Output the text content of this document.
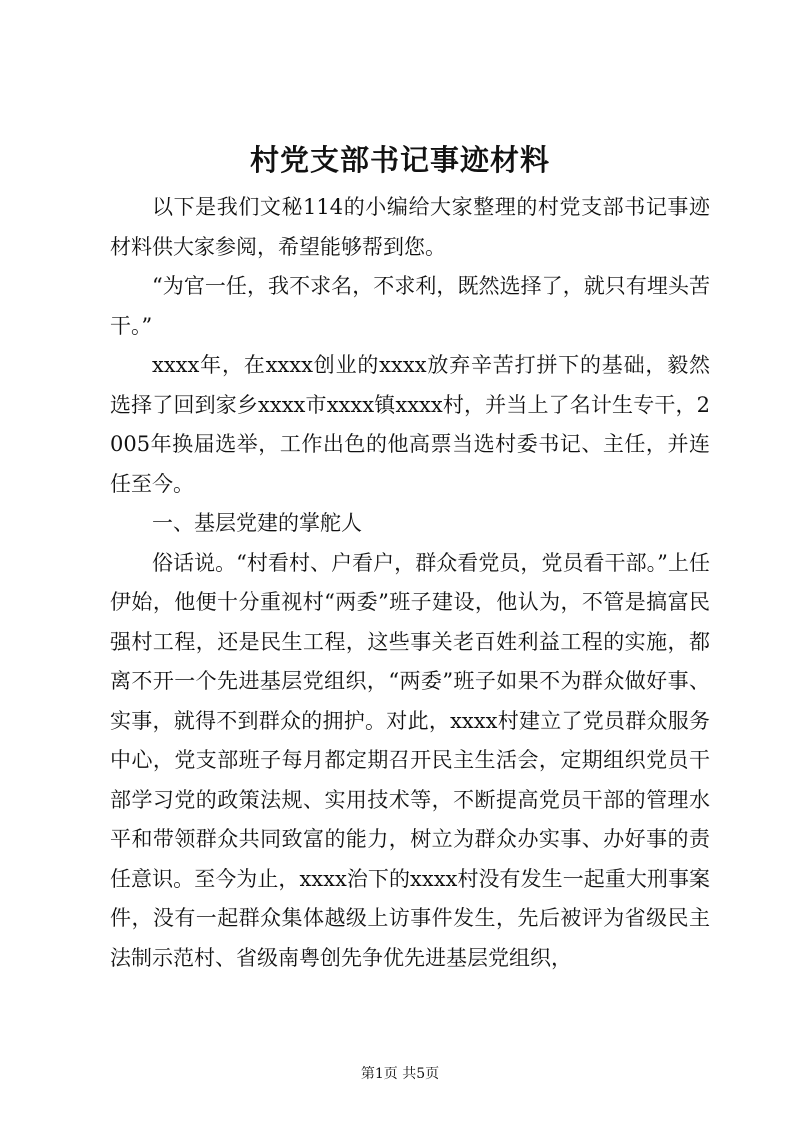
村党支部书记事迹材料

以下是我们文秘114的小编给大家整理的村党支部书记事迹材料供大家参阅，希望能够帮到您。

“为官一任，我不求名，不求利，既然选择了，就只有埋头苦干。”

xxxx年，在xxxx创业的xxxx放弃辛苦打拼下的基础，毅然选择了回到家乡xxxx市xxxx镇xxxx村，并当上了名计生专干，2005年换届选举，工作出色的他高票当选村委书记、主任，并连任至今。

一、基层党建的掌舵人

俗话说。“村看村、户看户，群众看党员，党员看干部。”上任伊始，他便十分重视村“两委”班子建设，他认为，不管是搞富民强村工程，还是民生工程，这些事关老百姓利益工程的实施，都离不开一个先进基层党组织，“两委”班子如果不为群众做好事、实事，就得不到群众的拥护。对此，xxxx村建立了党员群众服务中心，党支部班子每月都定期召开民主生活会，定期组织党员干部学习党的政策法规、实用技术等，不断提高党员干部的管理水平和带领群众共同致富的能力，树立为群众办实事、办好事的责任意识。至今为止，xxxx治下的xxxx村没有发生一起重大刑事案件，没有一起群众集体越级上访事件发生，先后被评为省级民主法制示范村、省级南粤创先争优先进基层党组织，

第1页 共5页
